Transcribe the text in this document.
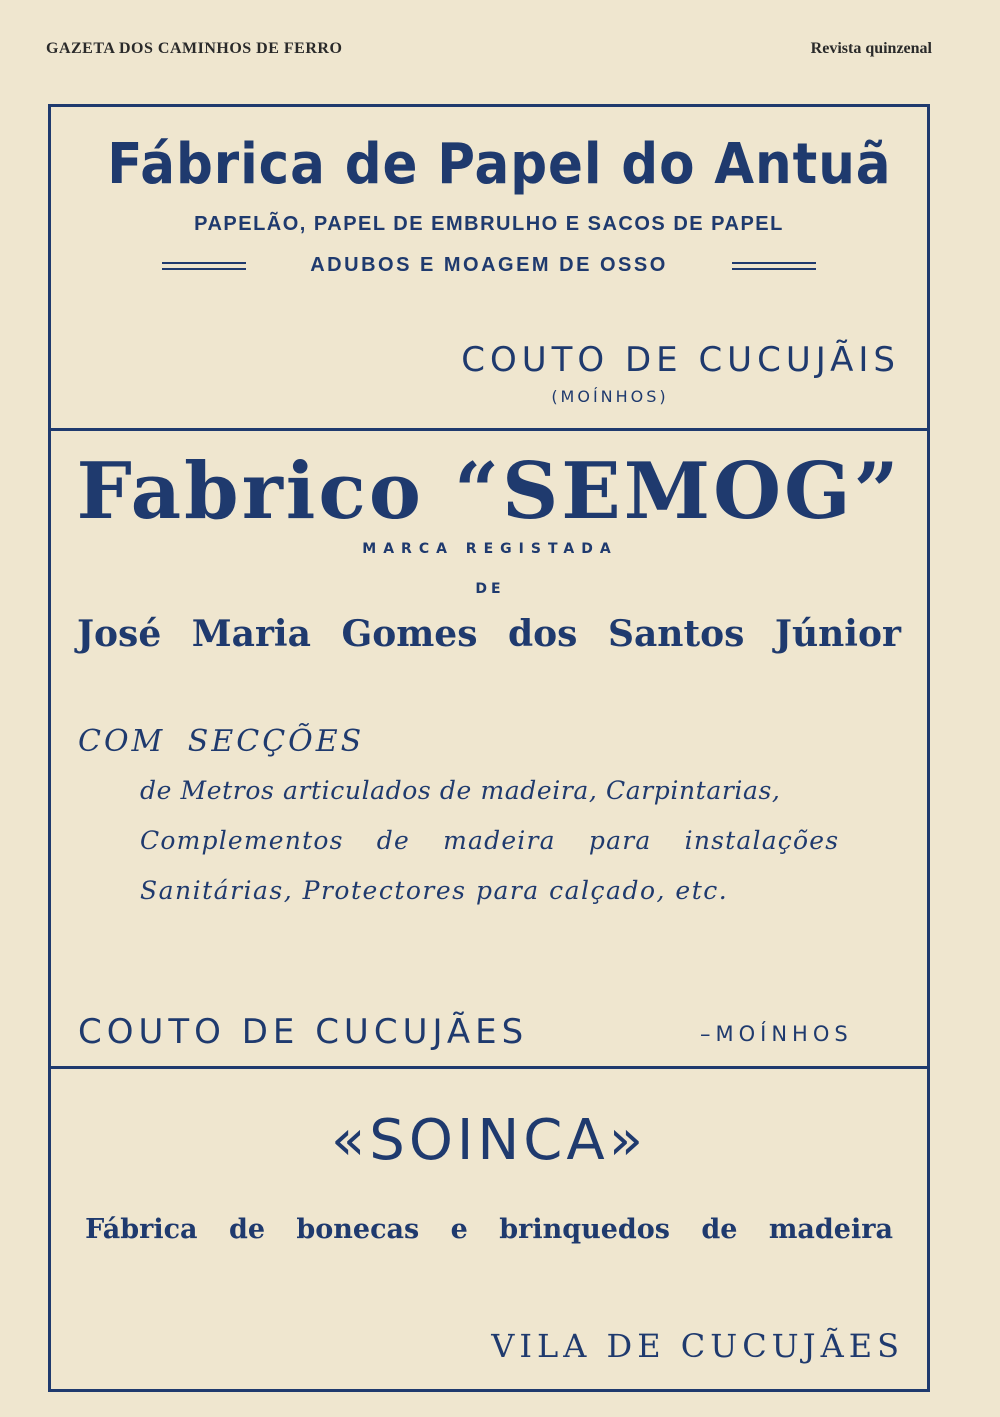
GAZETA DOS CAMINHOS DE FERRO	Revista quinzenal
Fábrica de Papel do Antuã
PAPELÃO, PAPEL DE EMBRULHO E SACOS DE PAPEL
ADUBOS E MOAGEM DE OSSO
COUTO DE CUCUJÃIS
(MOÍNHOS)
Fabrico “SEMOG”
MARCA REGISTADA
DE
José Maria Gomes dos Santos Júnior
COM SECÇÕES
de Metros articulados de madeira, Carpintarias,
Complementos de madeira para instalações
Sanitárias, Protectores para calçado, etc.
COUTO DE CUCUJÃES	–MOÍNHOS
«SOINCA»
Fábrica de bonecas e brinquedos de madeira
VILA DE CUCUJÃES
